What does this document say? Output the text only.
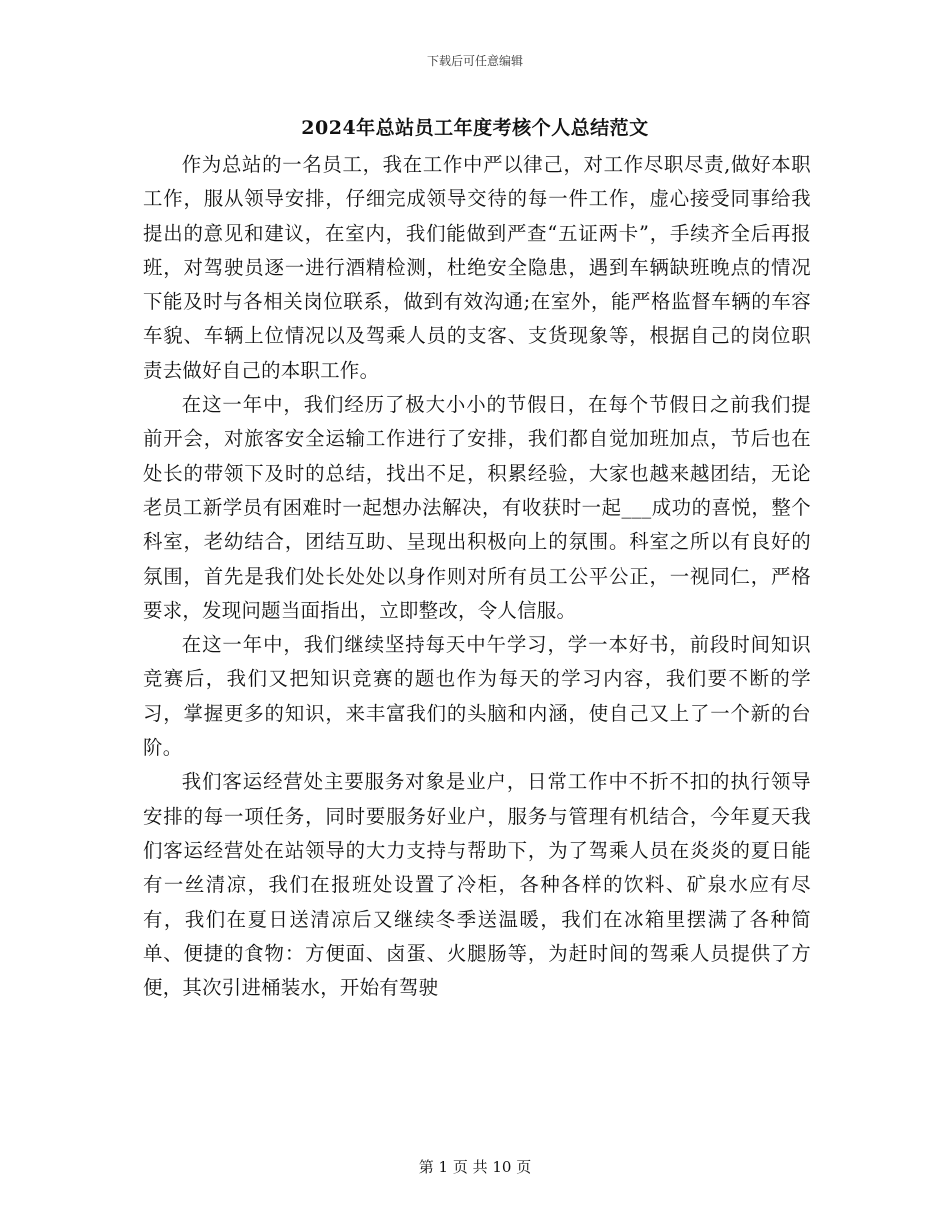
下载后可任意编辑
2024年总站员工年度考核个人总结范文

作为总站的一名员工，我在工作中严以律己，对工作尽职尽责,做好本职工作，服从领导安排，仔细完成领导交待的每一件工作，虚心接受同事给我提出的意见和建议，在室内，我们能做到严查“五证两卡”，手续齐全后再报班，对驾驶员逐一进行酒精检测，杜绝安全隐患，遇到车辆缺班晚点的情况下能及时与各相关岗位联系，做到有效沟通;在室外，能严格监督车辆的车容车貌、车辆上位情况以及驾乘人员的支客、支货现象等，根据自己的岗位职责去做好自己的本职工作。

在这一年中，我们经历了极大小小的节假日，在每个节假日之前我们提前开会，对旅客安全运输工作进行了安排，我们都自觉加班加点，节后也在处长的带领下及时的总结，找出不足，积累经验，大家也越来越团结，无论老员工新学员有困难时一起想办法解决，有收获时一起___成功的喜悦，整个科室，老幼结合，团结互助、呈现出积极向上的氛围。科室之所以有良好的氛围，首先是我们处长处处以身作则对所有员工公平公正，一视同仁，严格要求，发现问题当面指出，立即整改，令人信服。

在这一年中，我们继续坚持每天中午学习，学一本好书，前段时间知识竞赛后，我们又把知识竞赛的题也作为每天的学习内容，我们要不断的学习，掌握更多的知识，来丰富我们的头脑和内涵，使自己又上了一个新的台阶。

我们客运经营处主要服务对象是业户，日常工作中不折不扣的执行领导安排的每一项任务，同时要服务好业户，服务与管理有机结合，今年夏天我们客运经营处在站领导的大力支持与帮助下，为了驾乘人员在炎炎的夏日能有一丝清凉，我们在报班处设置了冷柜，各种各样的饮料、矿泉水应有尽有，我们在夏日送清凉后又继续冬季送温暖，我们在冰箱里摆满了各种简单、便捷的食物：方便面、卤蛋、火腿肠等，为赶时间的驾乘人员提供了方便，其次引进桶装水，开始有驾驶

第 1 页 共 10 页
